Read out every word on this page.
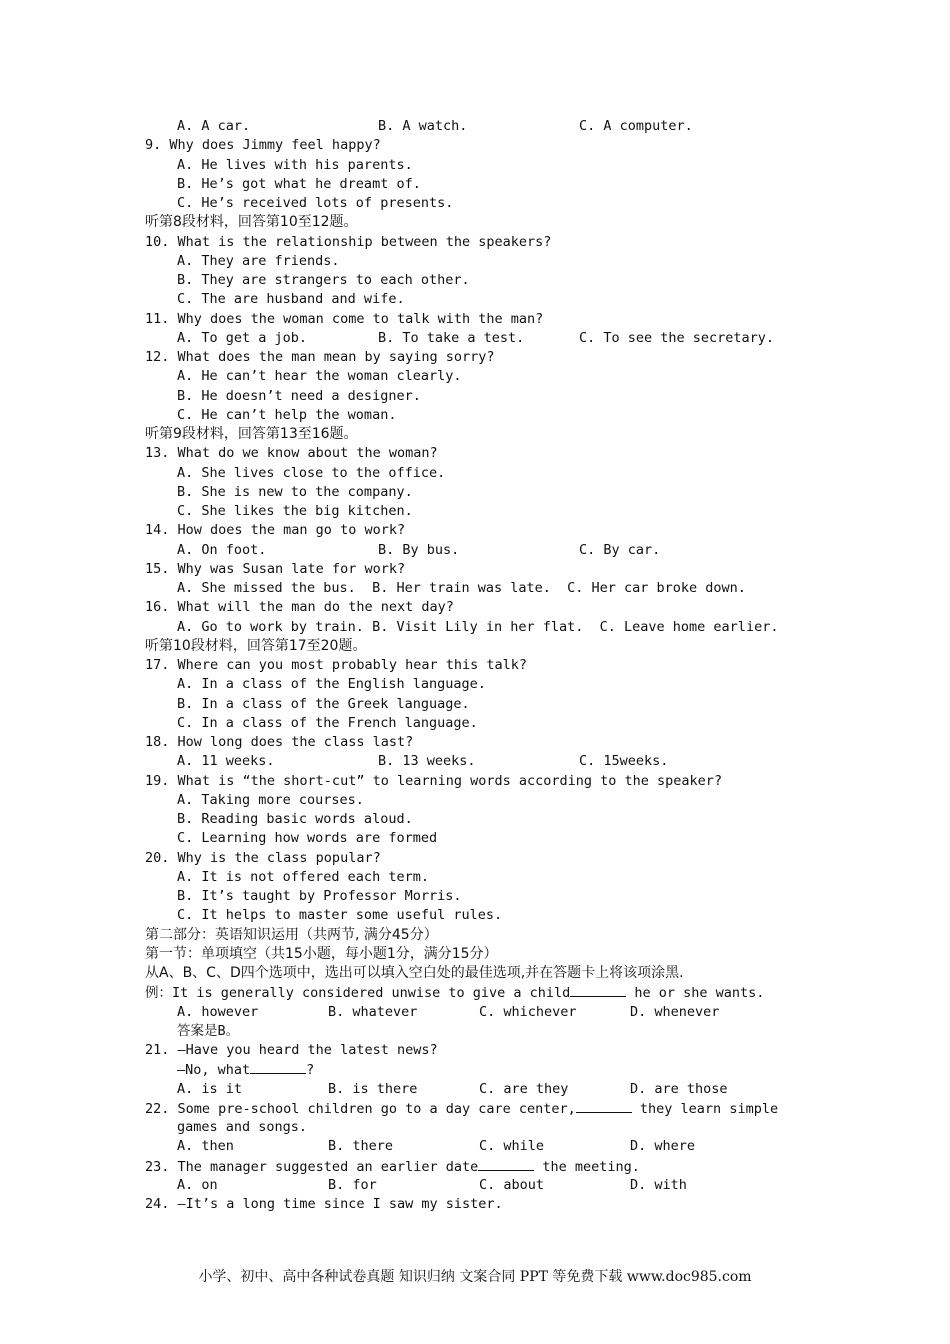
A. A car.	B. A watch.	C. A computer.
9. Why does Jimmy feel happy?
A. He lives with his parents.
B. He’s got what he dreamt of.
C. He’s received lots of presents.
听第8段材料，回答第10至12题。
10. What is the relationship between the speakers?
A. They are friends.
B. They are strangers to each other.
C. The are husband and wife.
11. Why does the woman come to talk with the man?
A. To get a job.	B. To take a test.	C. To see the secretary.
12. What does the man mean by saying sorry?
A. He can’t hear the woman clearly.
B. He doesn’t need a designer.
C. He can’t help the woman.
听第9段材料，回答第13至16题。
13. What do we know about the woman?
A. She lives close to the office.
B. She is new to the company.
C. She likes the big kitchen.
14. How does the man go to work?
A. On foot.	B. By bus.	C. By car.
15. Why was Susan late for work?
A. She missed the bus.  B. Her train was late.  C. Her car broke down.
16. What will the man do the next day?
A. Go to work by train. B. Visit Lily in her flat.  C. Leave home earlier.
听第10段材料，回答第17至20题。
17. Where can you most probably hear this talk?
A. In a class of the English language.
B. In a class of the Greek language.
C. In a class of the French language.
18. How long does the class last?
A. 11 weeks.	B. 13 weeks.	C. 15weeks.
19. What is “the short-cut” to learning words according to the speaker?
A. Taking more courses.
B. Reading basic words aloud.
C. Learning how words are formed
20. Why is the class popular?
A. It is not offered each term.
B. It’s taught by Professor Morris.
C. It helps to master some useful rules.
第二部分：英语知识运用（共两节, 满分45分）
第一节：单项填空（共15小题，每小题1分，满分15分）
从A、B、C、D四个选项中，选出可以填入空白处的最佳选项,并在答题卡上将该项涂黑.
例：It is generally considered unwise to give a child	he or she wants.
A. however	B. whatever	C. whichever	D. whenever
答案是B。
21. —Have you heard the latest news?
—No, what	?
A. is it	B. is there	C. are they	D. are those
22. Some pre-school children go to a day care center,	they learn simple
games and songs.
A. then	B. there	C. while	D. where
23. The manager suggested an earlier date	the meeting.
A. on	B. for	C. about	D. with
24. —It’s a long time since I saw my sister.
小学、初中、高中各种试卷真题 知识归纳 文案合同 PPT 等免费下载 www.doc985.com
